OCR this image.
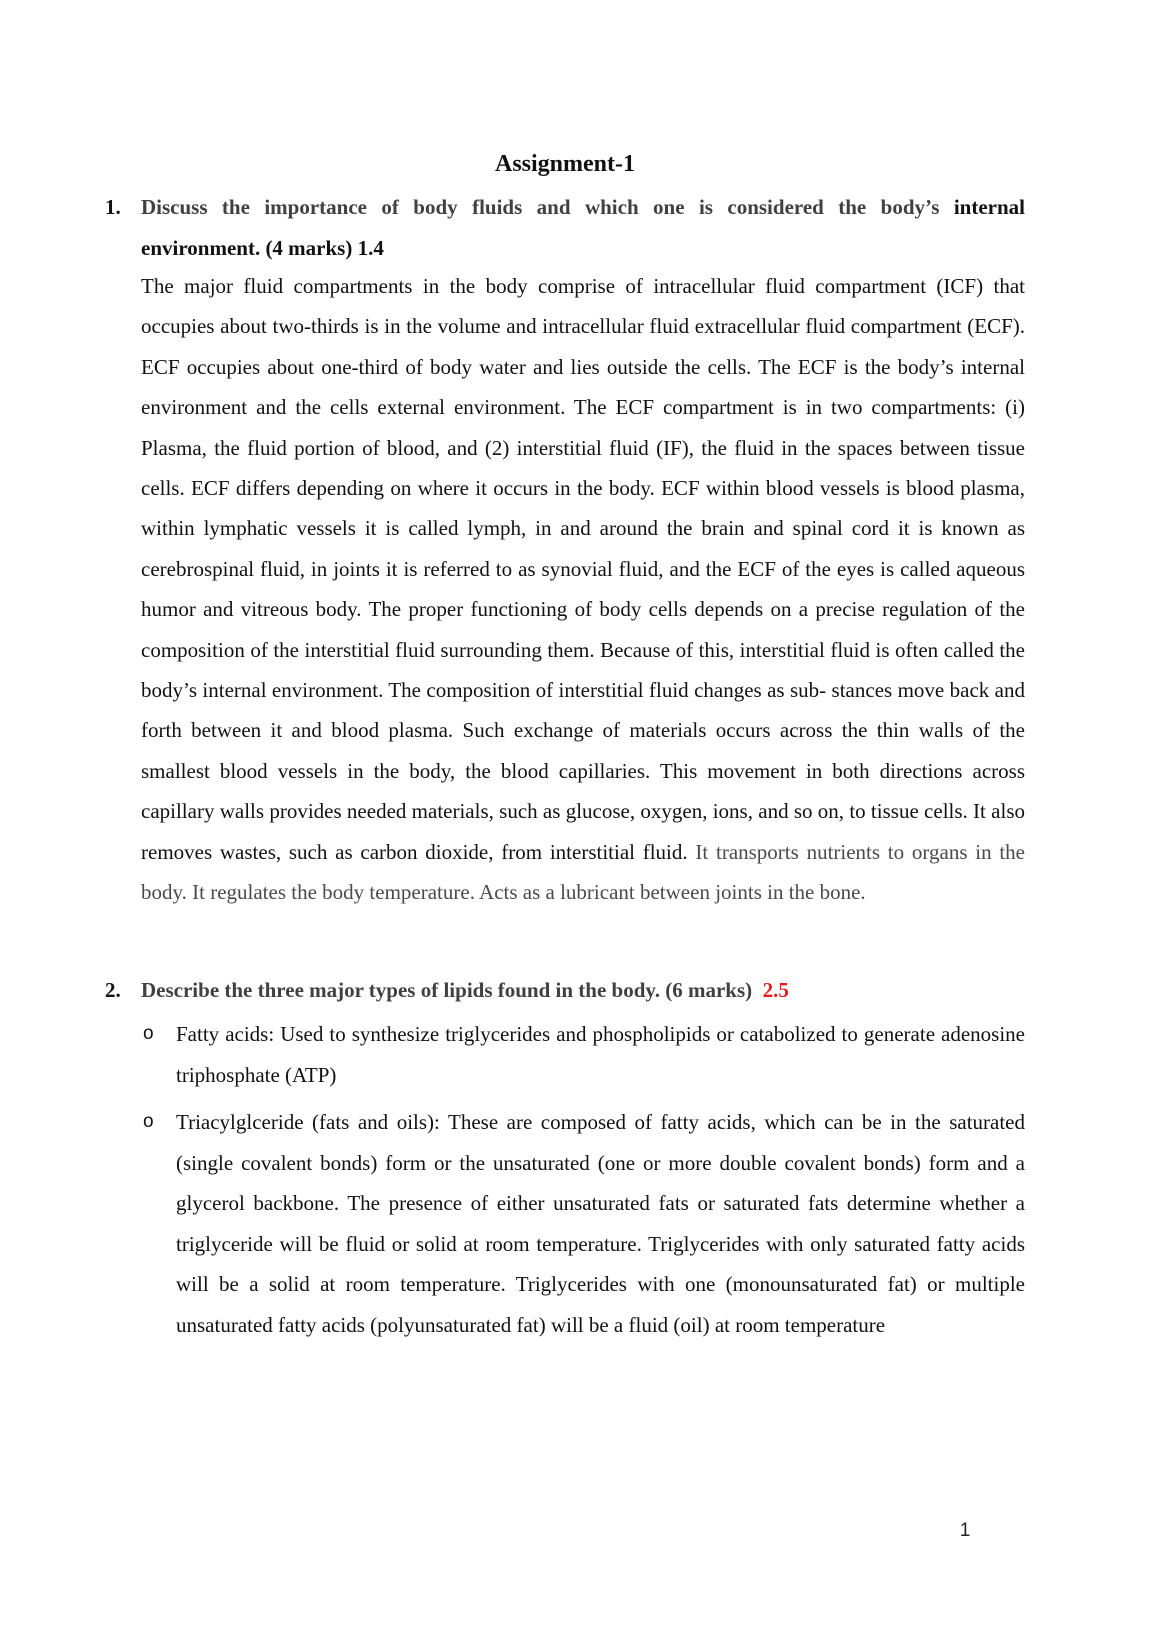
Assignment-1
1. Discuss the importance of body fluids and which one is considered the body’s internal environment. (4 marks) 1.4

The major fluid compartments in the body comprise of intracellular fluid compartment (ICF) that occupies about two-thirds is in the volume and intracellular fluid extracellular fluid compartment (ECF). ECF occupies about one-third of body water and lies outside the cells. The ECF is the body’s internal environment and the cells external environment. The ECF compartment is in two compartments: (i) Plasma, the fluid portion of blood, and (2) interstitial fluid (IF), the fluid in the spaces between tissue cells. ECF differs depending on where it occurs in the body. ECF within blood vessels is blood plasma, within lymphatic vessels it is called lymph, in and around the brain and spinal cord it is known as cerebrospinal fluid, in joints it is referred to as synovial fluid, and the ECF of the eyes is called aqueous humor and vitreous body. The proper functioning of body cells depends on a precise regulation of the composition of the interstitial fluid surrounding them. Because of this, interstitial fluid is often called the body’s internal environment. The composition of interstitial fluid changes as sub- stances move back and forth between it and blood plasma. Such exchange of materials occurs across the thin walls of the smallest blood vessels in the body, the blood capillaries. This movement in both directions across capillary walls provides needed materials, such as glucose, oxygen, ions, and so on, to tissue cells. It also removes wastes, such as carbon dioxide, from interstitial fluid. It transports nutrients to organs in the body. It regulates the body temperature. Acts as a lubricant between joints in the bone.

2. Describe the three major types of lipids found in the body. (6 marks) 2.5
o Fatty acids: Used to synthesize triglycerides and phospholipids or catabolized to generate adenosine triphosphate (ATP)
o Triacylglceride (fats and oils): These are composed of fatty acids, which can be in the saturated (single covalent bonds) form or the unsaturated (one or more double covalent bonds) form and a glycerol backbone. The presence of either unsaturated fats or saturated fats determine whether a triglyceride will be fluid or solid at room temperature. Triglycerides with only saturated fatty acids will be a solid at room temperature. Triglycerides with one (monounsaturated fat) or multiple unsaturated fatty acids (polyunsaturated fat) will be a fluid (oil) at room temperature
1
